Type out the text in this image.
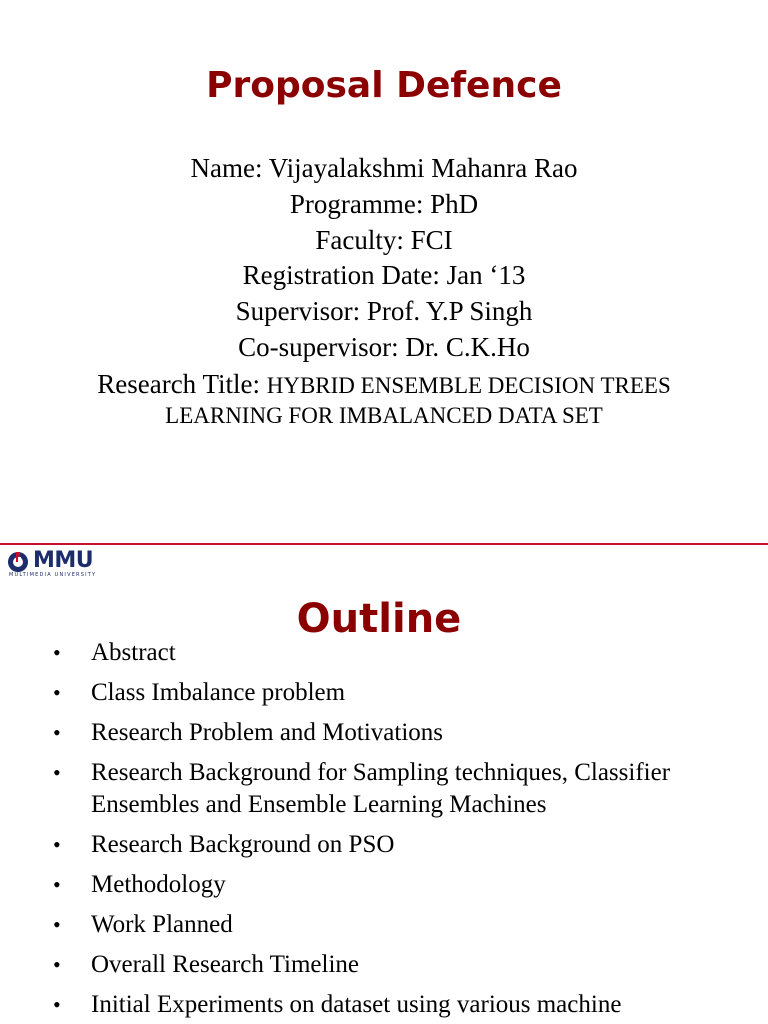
Proposal Defence
Name: Vijayalakshmi Mahanra Rao
Programme: PhD
Faculty: FCI
Registration Date: Jan ‘13
Supervisor: Prof. Y.P Singh
Co-supervisor: Dr. C.K.Ho
Research Title: HYBRID ENSEMBLE DECISION TREES
LEARNING FOR IMBALANCED DATA SET
MMU
MULTIMEDIA UNIVERSITY
Outline
• Abstract
• Class Imbalance problem
• Research Problem and Motivations
• Research Background for Sampling techniques, Classifier Ensembles and Ensemble Learning Machines
• Research Background on PSO
• Methodology
• Work Planned
• Overall Research Timeline
• Initial Experiments on dataset using various machine
